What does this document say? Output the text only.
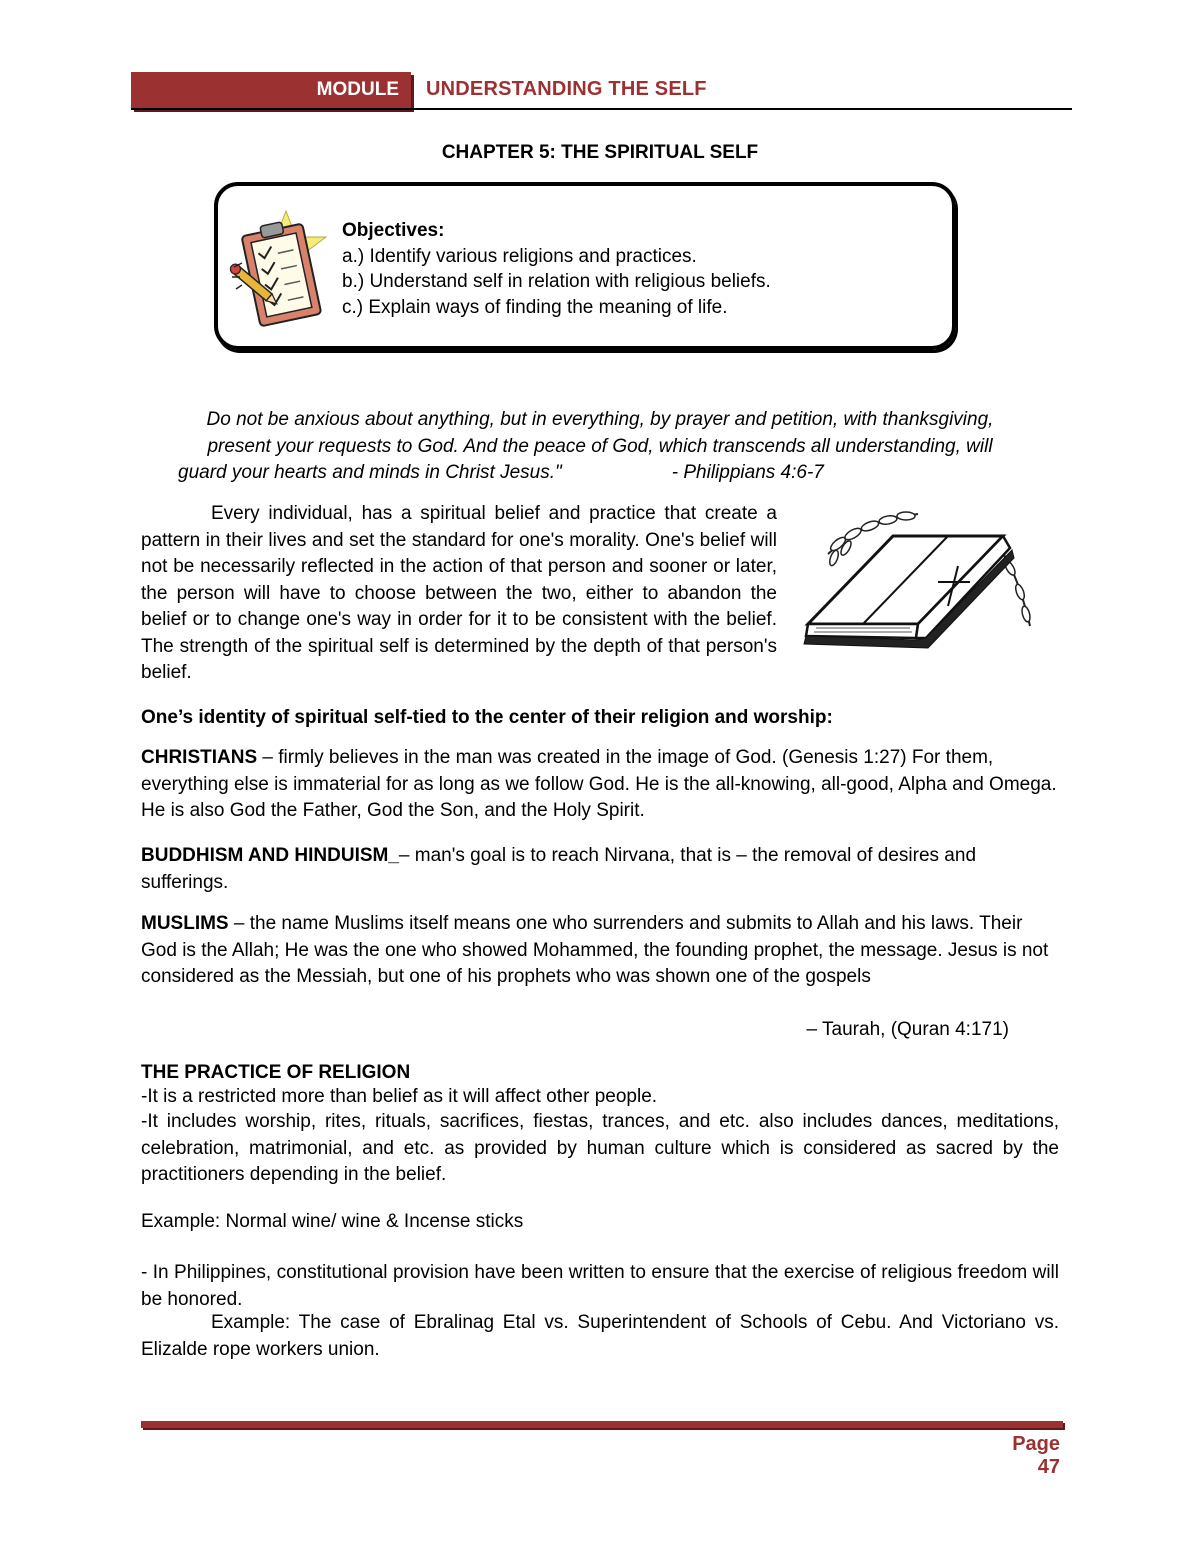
MODULE UNDERSTANDING THE SELF
CHAPTER 5: THE SPIRITUAL SELF
Objectives:
a.) Identify various religions and practices.
b.) Understand self in relation with religious beliefs.
c.) Explain ways of finding the meaning of life.
Do not be anxious about anything, but in everything, by prayer and petition, with thanksgiving,
present your requests to God. And the peace of God, which transcends all understanding, will
guard your hearts and minds in Christ Jesus."	- Philippians 4:6-7
Every individual, has a spiritual belief and practice that create a pattern in their lives and set the standard for one's morality. One's belief will not be necessarily reflected in the action of that person and sooner or later, the person will have to choose between the two, either to abandon the belief or to change one's way in order for it to be consistent with the belief. The strength of the spiritual self is determined by the depth of that person's belief.
One’s identity of spiritual self-tied to the center of their religion and worship:
CHRISTIANS – firmly believes in the man was created in the image of God. (Genesis 1:27) For them, everything else is immaterial for as long as we follow God. He is the all-knowing, all-good, Alpha and Omega. He is also God the Father, God the Son, and the Holy Spirit.
BUDDHISM AND HINDUISM_– man's goal is to reach Nirvana, that is – the removal of desires and sufferings.
MUSLIMS – the name Muslims itself means one who surrenders and submits to Allah and his laws. Their God is the Allah; He was the one who showed Mohammed, the founding prophet, the message. Jesus is not considered as the Messiah, but one of his prophets who was shown one of the gospels
– Taurah, (Quran 4:171)
THE PRACTICE OF RELIGION
-It is a restricted more than belief as it will affect other people.
-It includes worship, rites, rituals, sacrifices, fiestas, trances, and etc. also includes dances, meditations, celebration, matrimonial, and etc. as provided by human culture which is considered as sacred by the practitioners depending in the belief.
Example: Normal wine/ wine & Incense sticks
- In Philippines, constitutional provision have been written to ensure that the exercise of religious freedom will be honored.
Example: The case of Ebralinag Etal vs. Superintendent of Schools of Cebu. And Victoriano vs. Elizalde rope workers union.
Page 47
